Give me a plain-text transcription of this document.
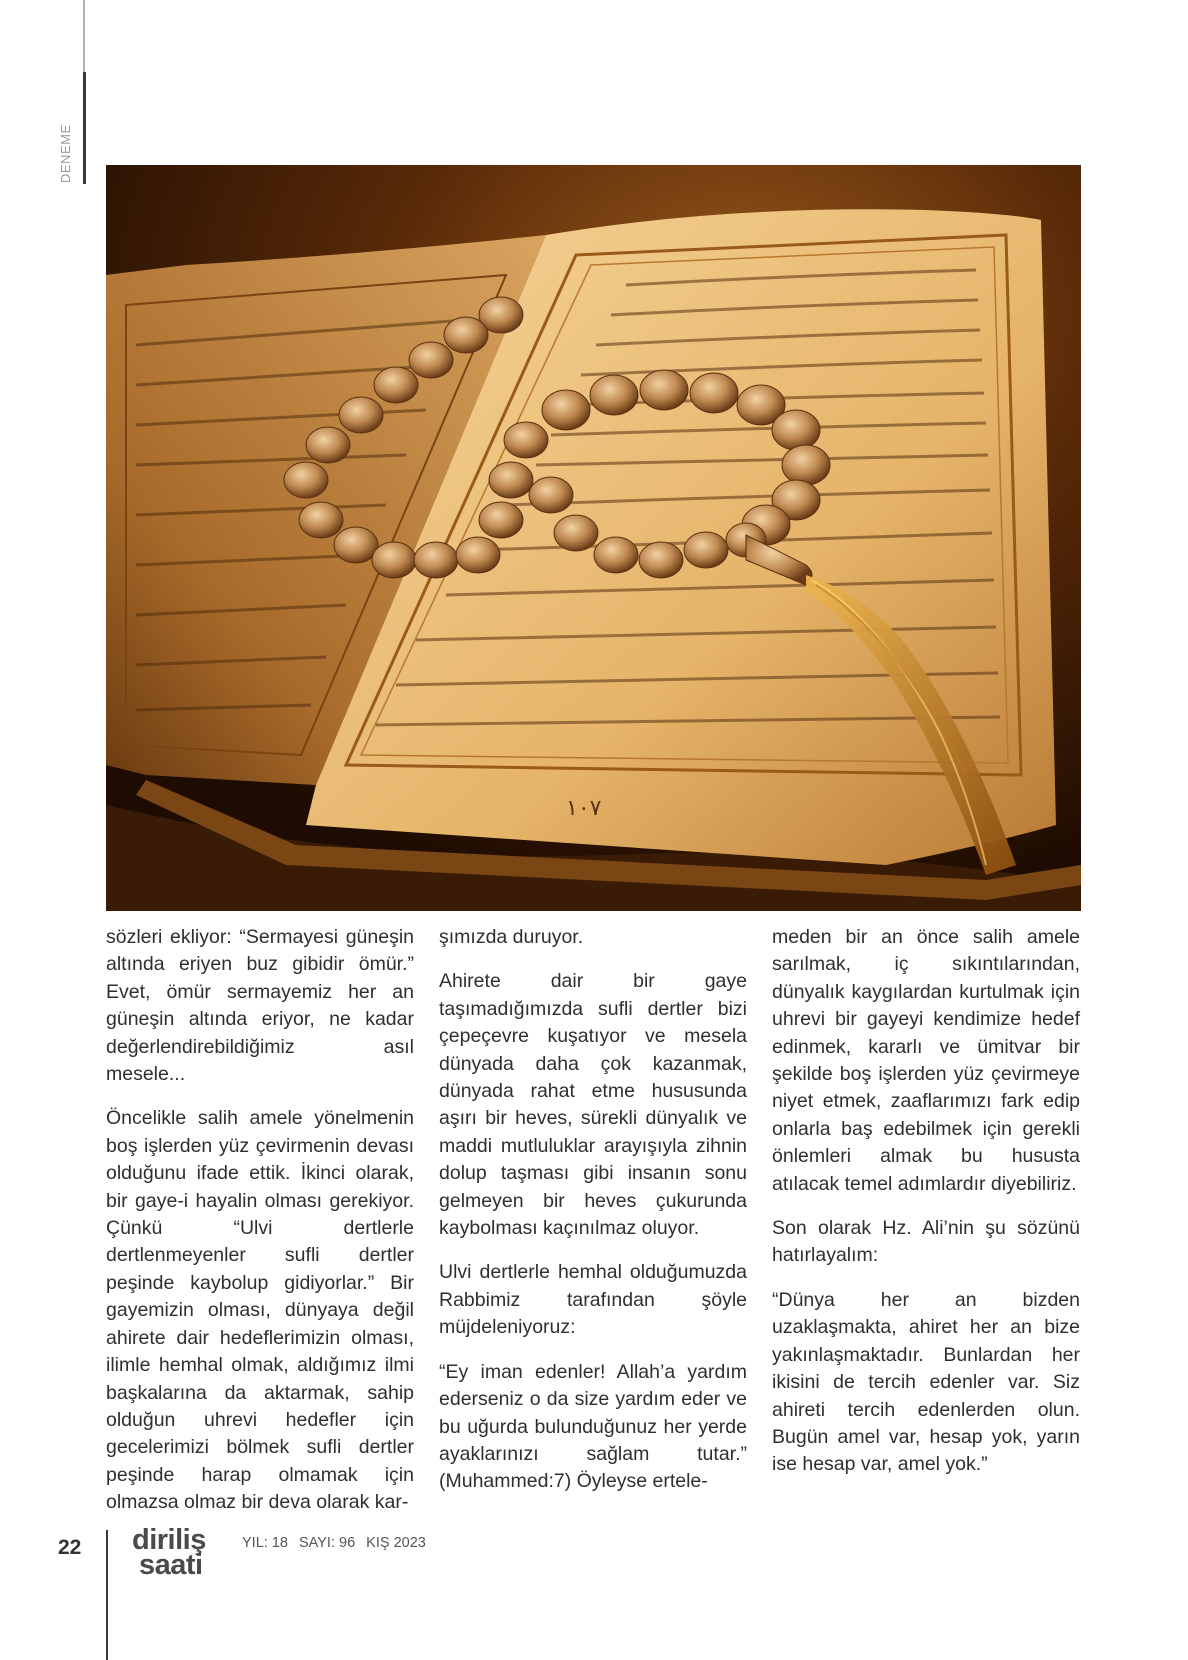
DENEME
١٠٧

sözleri ekliyor: “Sermayesi güneşin altında eriyen buz gibidir ömür.” Evet, ömür sermayemiz her an güneşin altında eriyor, ne kadar değerlendirebildiğimiz asıl mesele...

Öncelikle salih amele yönelmenin boş işlerden yüz çevirmenin devası olduğunu ifade ettik. İkinci olarak, bir gaye-i hayalin olması gerekiyor. Çünkü “Ulvi dertlerle dertlenmeyenler sufli dertler peşinde kaybolup gidiyorlar.” Bir gayemizin olması, dünyaya değil ahirete dair hedeflerimizin olması, ilimle hemhal olmak, aldığımız ilmi başkalarına da aktarmak, sahip olduğun uhrevi hedefler için gecelerimizi bölmek sufli dertler peşinde harap olmamak için olmazsa olmaz bir deva olarak kar-

şımızda duruyor.

Ahirete dair bir gaye taşımadığımızda sufli dertler bizi çepeçevre kuşatıyor ve mesela dünyada daha çok kazanmak, dünyada rahat etme hususunda aşırı bir heves, sürekli dünyalık ve maddi mutluluklar arayışıyla zihnin dolup taşması gibi insanın sonu gelmeyen bir heves çukurunda kaybolması kaçınılmaz oluyor.

Ulvi dertlerle hemhal olduğumuzda Rabbimiz tarafından şöyle müjdeleniyoruz:

“Ey iman edenler! Allah’a yardım ederseniz o da size yardım eder ve bu uğurda bulunduğunuz her yerde ayaklarınızı sağlam tutar.” (Muhammed:7) Öyleyse ertele-

meden bir an önce salih amele sarılmak, iç sıkıntılarından, dünyalık kaygılardan kurtulmak için uhrevi bir gayeyi kendimize hedef edinmek, kararlı ve ümitvar bir şekilde boş işlerden yüz çevirmeye niyet etmek, zaaflarımızı fark edip onlarla baş edebilmek için gerekli önlemleri almak bu hususta atılacak temel adımlardır diyebiliriz.

Son olarak Hz. Ali’nin şu sözünü hatırlayalım:

“Dünya her an bizden uzaklaşmakta, ahiret her an bize yakınlaşmaktadır. Bunlardan her ikisini de tercih edenler var. Siz ahireti tercih edenlerden olun. Bugün amel var, hesap yok, yarın ise hesap var, amel yok.”

22 diriliş
saati
YIL: 18 SAYI: 96 KIŞ 2023
